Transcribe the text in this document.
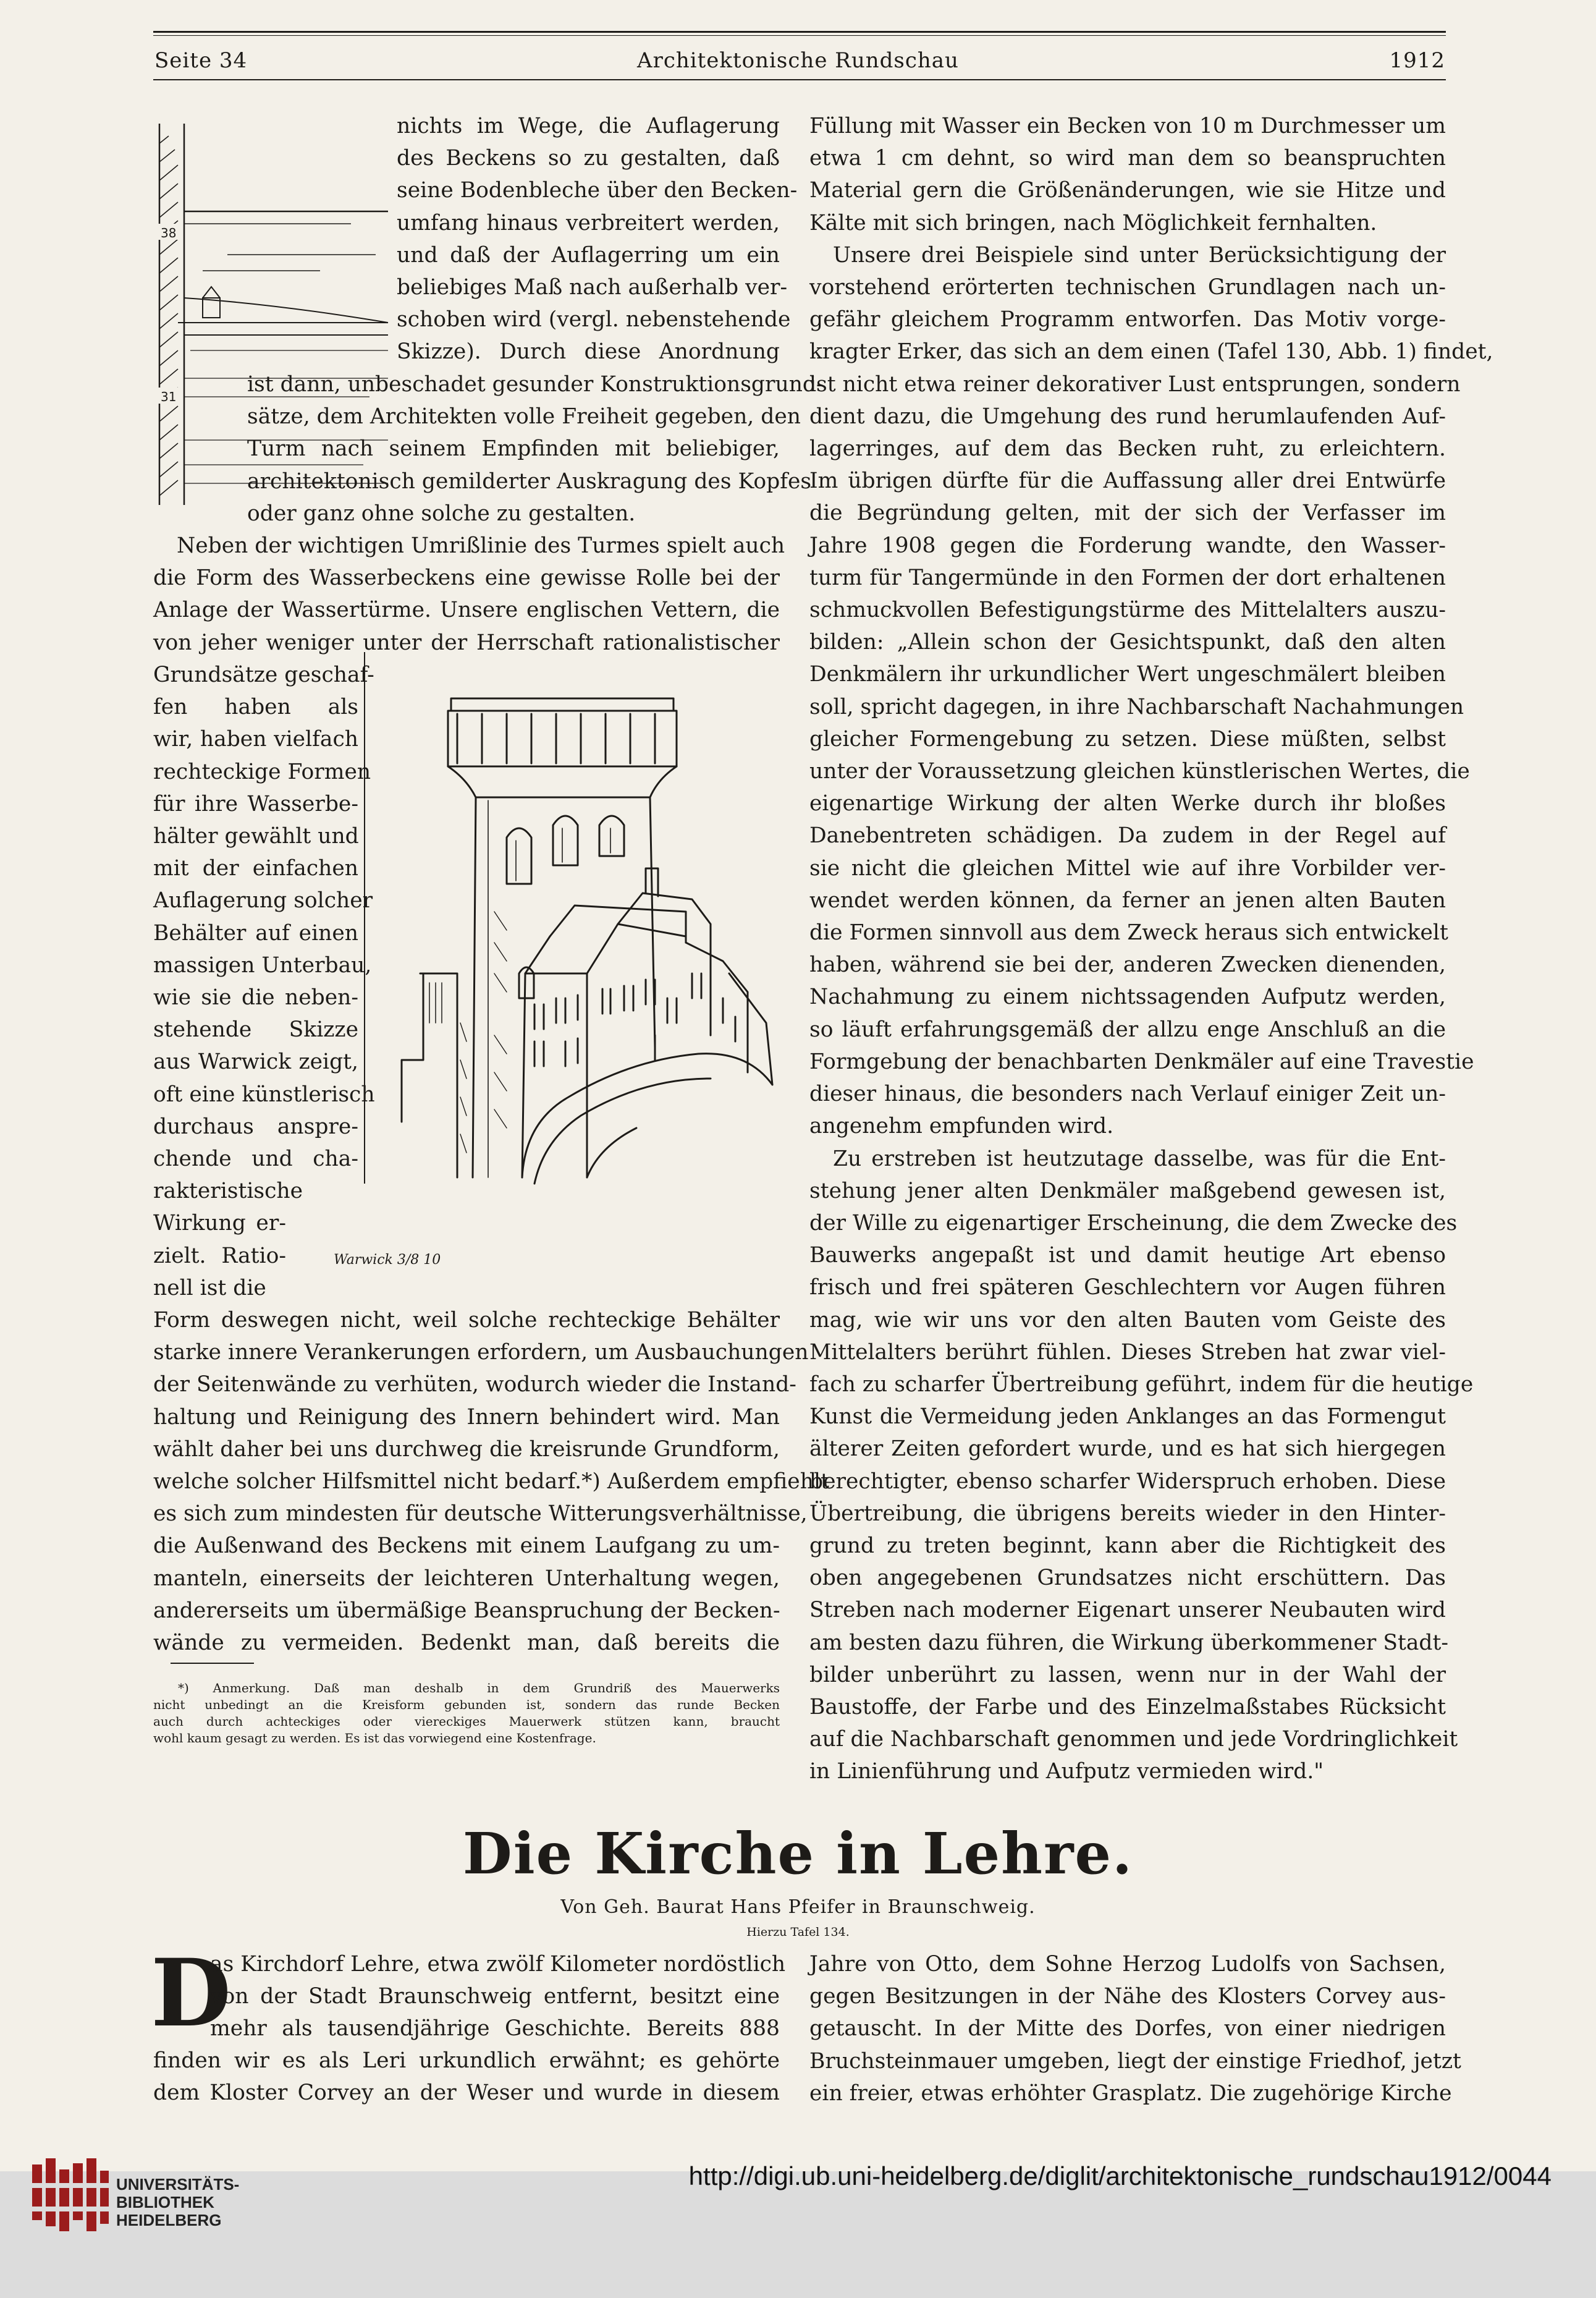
Seite 34	Architektonische Rundschau	1912
38
31
nichts im Wege, die Auflagerung
des Beckens so zu gestalten, daß
seine Bodenbleche über den Becken-
umfang hinaus verbreitert werden,
und daß der Auflagerring um ein
beliebiges Maß nach außerhalb ver-
schoben wird (vergl. nebenstehende
Skizze). Durch diese Anordnung
ist dann, unbeschadet gesunder Konstruktionsgrund-
sätze, dem Architekten volle Freiheit gegeben, den
Turm nach seinem Empfinden mit beliebiger,
architektonisch gemilderter Auskragung des Kopfes
oder ganz ohne solche zu gestalten.
Neben der wichtigen Umrißlinie des Turmes spielt auch
die Form des Wasserbeckens eine gewisse Rolle bei der
Anlage der Wassertürme. Unsere englischen Vettern, die
von jeher weniger unter der Herrschaft rationalistischer
Grundsätze geschaf-
fen haben als
wir, haben vielfach
rechteckige Formen
für ihre Wasserbe-
hälter gewählt und
mit der einfachen
Auflagerung solcher
Behälter auf einen
massigen Unterbau,
wie sie die neben-
stehende Skizze
aus Warwick zeigt,
oft eine künstlerisch
durchaus anspre-
chende und cha-
rakteristische
Wirkung er-
zielt. Ratio-
nell ist die
Warwick 3/8 10
Form deswegen nicht, weil solche rechteckige Behälter
starke innere Verankerungen erfordern, um Ausbauchungen
der Seitenwände zu verhüten, wodurch wieder die Instand-
haltung und Reinigung des Innern behindert wird. Man
wählt daher bei uns durchweg die kreisrunde Grundform,
welche solcher Hilfsmittel nicht bedarf.*) Außerdem empfiehlt
es sich zum mindesten für deutsche Witterungsverhältnisse,
die Außenwand des Beckens mit einem Laufgang zu um-
manteln, einerseits der leichteren Unterhaltung wegen,
andererseits um übermäßige Beanspruchung der Becken-
wände zu vermeiden. Bedenkt man, daß bereits die
*) Anmerkung. Daß man deshalb in dem Grundriß des Mauerwerks
nicht unbedingt an die Kreisform gebunden ist, sondern das runde Becken
auch durch achteckiges oder viereckiges Mauerwerk stützen kann, braucht
wohl kaum gesagt zu werden. Es ist das vorwiegend eine Kostenfrage.
Füllung mit Wasser ein Becken von 10 m Durchmesser um
etwa 1 cm dehnt, so wird man dem so beanspruchten
Material gern die Größenänderungen, wie sie Hitze und
Kälte mit sich bringen, nach Möglichkeit fernhalten.
Unsere drei Beispiele sind unter Berücksichtigung der
vorstehend erörterten technischen Grundlagen nach un-
gefähr gleichem Programm entworfen. Das Motiv vorge-
kragter Erker, das sich an dem einen (Tafel 130, Abb. 1) findet,
ist nicht etwa reiner dekorativer Lust entsprungen, sondern
dient dazu, die Umgehung des rund herumlaufenden Auf-
lagerringes, auf dem das Becken ruht, zu erleichtern.
Im übrigen dürfte für die Auffassung aller drei Entwürfe
die Begründung gelten, mit der sich der Verfasser im
Jahre 1908 gegen die Forderung wandte, den Wasser-
turm für Tangermünde in den Formen der dort erhaltenen
schmuckvollen Befestigungstürme des Mittelalters auszu-
bilden: „Allein schon der Gesichtspunkt, daß den alten
Denkmälern ihr urkundlicher Wert ungeschmälert bleiben
soll, spricht dagegen, in ihre Nachbarschaft Nachahmungen
gleicher Formengebung zu setzen. Diese müßten, selbst
unter der Voraussetzung gleichen künstlerischen Wertes, die
eigenartige Wirkung der alten Werke durch ihr bloßes
Danebentreten schädigen. Da zudem in der Regel auf
sie nicht die gleichen Mittel wie auf ihre Vorbilder ver-
wendet werden können, da ferner an jenen alten Bauten
die Formen sinnvoll aus dem Zweck heraus sich entwickelt
haben, während sie bei der, anderen Zwecken dienenden,
Nachahmung zu einem nichtssagenden Aufputz werden,
so läuft erfahrungsgemäß der allzu enge Anschluß an die
Formgebung der benachbarten Denkmäler auf eine Travestie
dieser hinaus, die besonders nach Verlauf einiger Zeit un-
angenehm empfunden wird.
Zu erstreben ist heutzutage dasselbe, was für die Ent-
stehung jener alten Denkmäler maßgebend gewesen ist,
der Wille zu eigenartiger Erscheinung, die dem Zwecke des
Bauwerks angepaßt ist und damit heutige Art ebenso
frisch und frei späteren Geschlechtern vor Augen führen
mag, wie wir uns vor den alten Bauten vom Geiste des
Mittelalters berührt fühlen. Dieses Streben hat zwar viel-
fach zu scharfer Übertreibung geführt, indem für die heutige
Kunst die Vermeidung jeden Anklanges an das Formengut
älterer Zeiten gefordert wurde, und es hat sich hiergegen
berechtigter, ebenso scharfer Widerspruch erhoben. Diese
Übertreibung, die übrigens bereits wieder in den Hinter-
grund zu treten beginnt, kann aber die Richtigkeit des
oben angegebenen Grundsatzes nicht erschüttern. Das
Streben nach moderner Eigenart unserer Neubauten wird
am besten dazu führen, die Wirkung überkommener Stadt-
bilder unberührt zu lassen, wenn nur in der Wahl der
Baustoffe, der Farbe und des Einzelmaßstabes Rücksicht
auf die Nachbarschaft genommen und jede Vordringlichkeit
in Linienführung und Aufputz vermieden wird."
Die Kirche in Lehre.
Von Geh. Baurat Hans Pfeifer in Braunschweig.
Hierzu Tafel 134.
D
as Kirchdorf Lehre, etwa zwölf Kilometer nordöstlich
von der Stadt Braunschweig entfernt, besitzt eine
mehr als tausendjährige Geschichte. Bereits 888
finden wir es als Leri urkundlich erwähnt; es gehörte
dem Kloster Corvey an der Weser und wurde in diesem
Jahre von Otto, dem Sohne Herzog Ludolfs von Sachsen,
gegen Besitzungen in der Nähe des Klosters Corvey aus-
getauscht. In der Mitte des Dorfes, von einer niedrigen
Bruchsteinmauer umgeben, liegt der einstige Friedhof, jetzt
ein freier, etwas erhöhter Grasplatz. Die zugehörige Kirche
UNIVERSITÄTS-
BIBLIOTHEK
HEIDELBERG
http://digi.ub.uni-heidelberg.de/diglit/architektonische_rundschau1912/0044
